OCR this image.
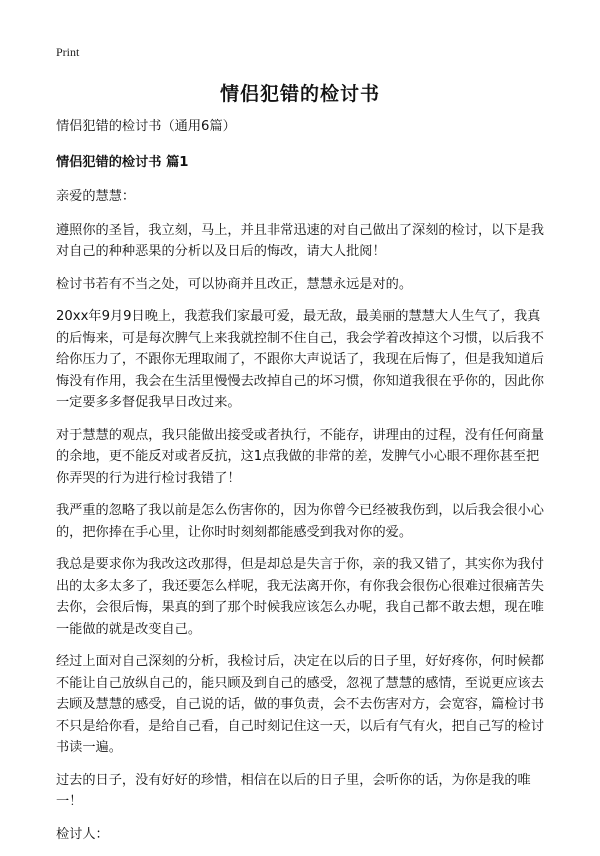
Print
情侣犯错的检讨书
情侣犯错的检讨书（通用6篇）
情侣犯错的检讨书 篇1
亲爱的慧慧：
遵照你的圣旨，我立刻，马上，并且非常迅速的对自己做出了深刻的检讨，以下是我对自己的种种恶果的分析以及日后的悔改，请大人批阅！
检讨书若有不当之处，可以协商并且改正，慧慧永远是对的。
20xx年9月9日晚上，我惹我们家最可爱，最无敌，最美丽的慧慧大人生气了，我真的后悔来，可是每次脾气上来我就控制不住自己，我会学着改掉这个习惯，以后我不给你压力了，不跟你无理取闹了，不跟你大声说话了，我现在后悔了，但是我知道后悔没有作用，我会在生活里慢慢去改掉自己的坏习惯，你知道我很在乎你的，因此你一定要多多督促我早日改过来。
对于慧慧的观点，我只能做出接受或者执行，不能存，讲理由的过程，没有任何商量的余地，更不能反对或者反抗，这1点我做的非常的差，发脾气小心眼不理你甚至把你弄哭的行为进行检讨我错了！
我严重的忽略了我以前是怎么伤害你的，因为你曾今已经被我伤到，以后我会很小心的，把你捧在手心里，让你时时刻刻都能感受到我对你的爱。
我总是要求你为我改这改那得，但是却总是失言于你，亲的我又错了，其实你为我付出的太多太多了，我还要怎么样呢，我无法离开你，有你我会很伤心很难过很痛苦失去你，会很后悔，果真的到了那个时候我应该怎么办呢，我自己都不敢去想，现在唯一能做的就是改变自己。
经过上面对自己深刻的分析，我检讨后，决定在以后的日子里，好好疼你，何时候都不能让自己放纵自己的，能只顾及到自己的感受，忽视了慧慧的感情，至说更应该去去顾及慧慧的感受，自己说的话，做的事负责，会不去伤害对方，会宽容，篇检讨书不只是给你看，是给自己看，自己时刻记住这一天，以后有气有火，把自己写的检讨书读一遍。
过去的日子，没有好好的珍惜，相信在以后的日子里，会听你的话，为你是我的唯一！
检讨人：
